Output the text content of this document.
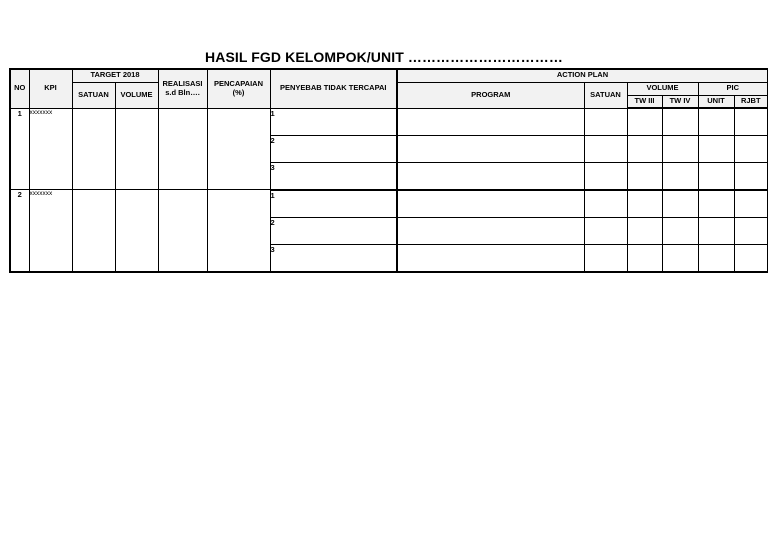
HASIL FGD KELOMPOK/UNIT ……………………………
NO	KPI	TARGET 2018		REALISASI s.d Bln….	PENCAPAIAN (%)	PENYEBAB TIDAK TERCAPAI	ACTION PLAN					
		SATUAN	VOLUME				PROGRAM	SATUAN	VOLUME		PIC	
									TW III	TW IV	UNIT	RJBT
1	xxxxxxx					1						
						2						
						3						
2	xxxxxxx					1						
						2						
						3						
